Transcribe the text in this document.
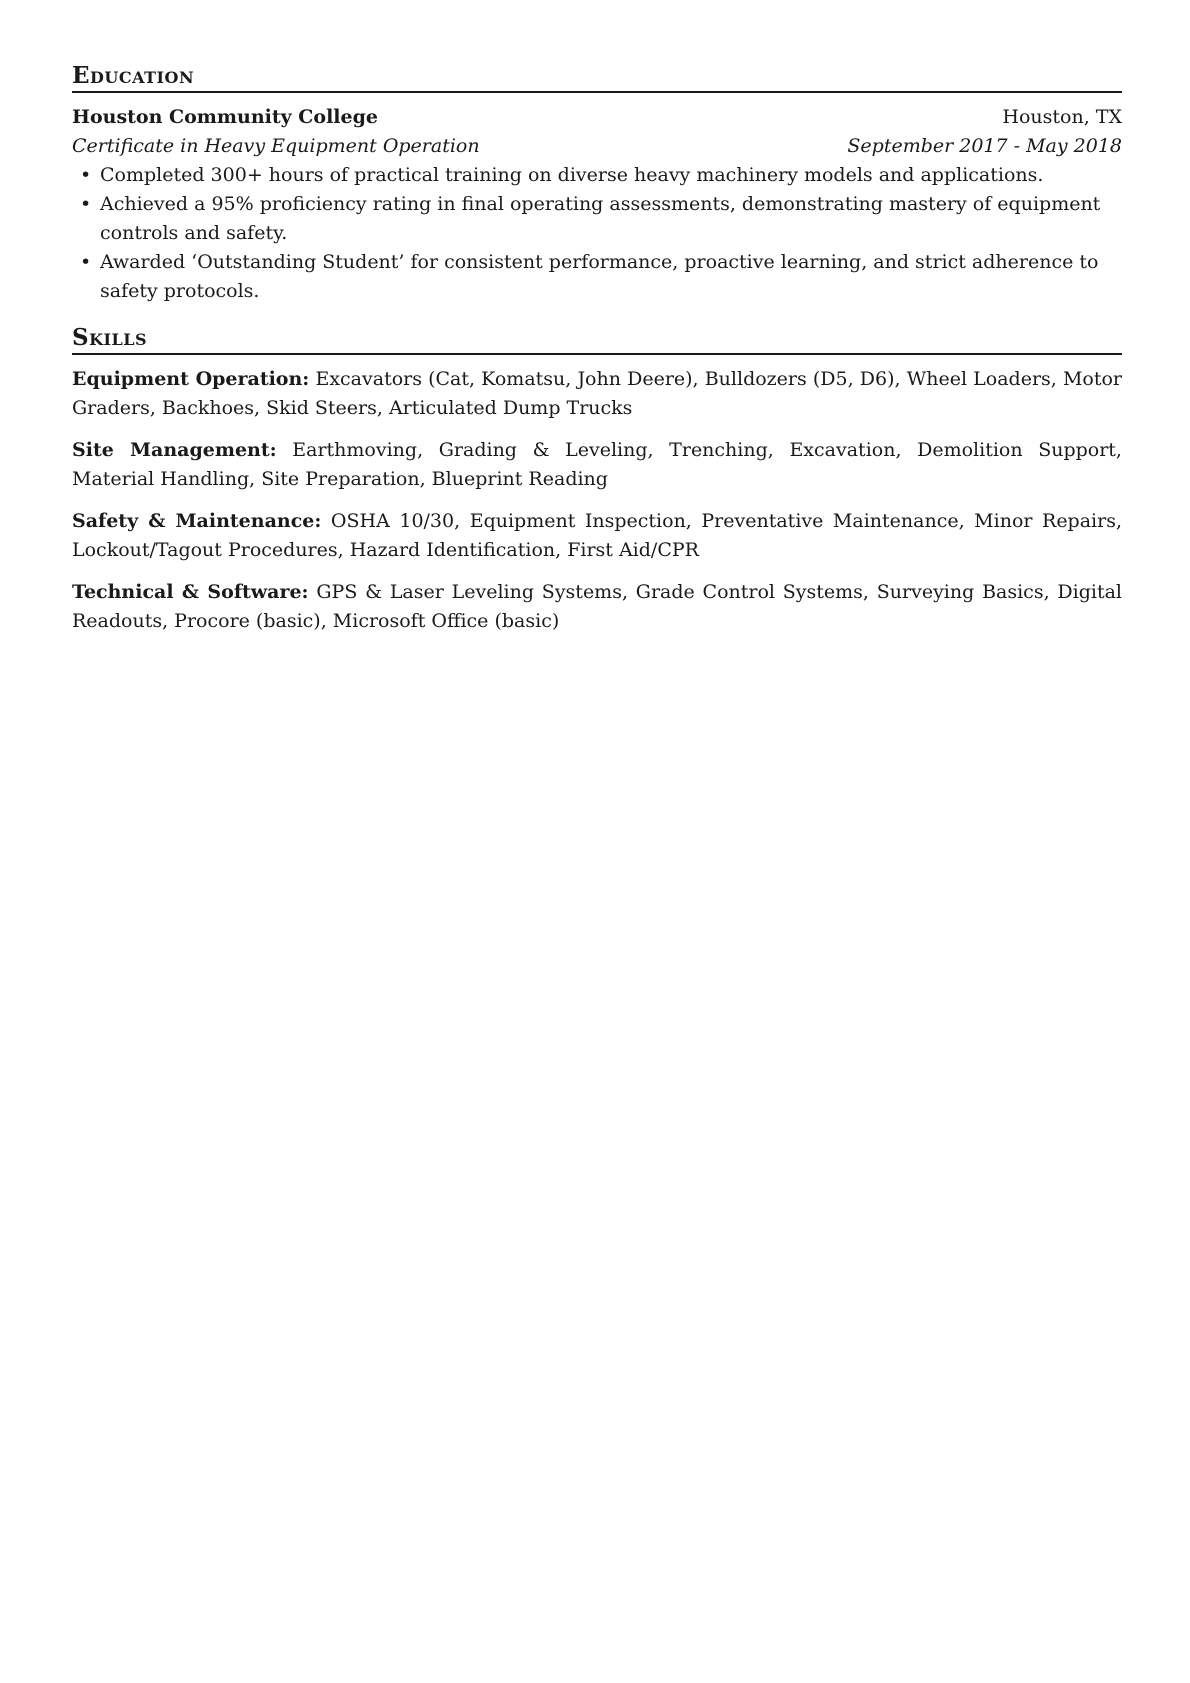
Education
Houston Community College	Houston, TX
Certificate in Heavy Equipment Operation	September 2017 - May 2018
• Completed 300+ hours of practical training on diverse heavy machinery models and applications.
• Achieved a 95% proficiency rating in final operating assessments, demonstrating mastery of equipment controls and safety.
• Awarded ‘Outstanding Student’ for consistent performance, proactive learning, and strict adherence to safety protocols.
Skills
Equipment Operation: Excavators (Cat, Komatsu, John Deere), Bulldozers (D5, D6), Wheel Loaders, Motor Graders, Backhoes, Skid Steers, Articulated Dump Trucks
Site Management: Earthmoving, Grading & Leveling, Trenching, Excavation, Demolition Support, Material Handling, Site Preparation, Blueprint Reading
Safety & Maintenance: OSHA 10/30, Equipment Inspection, Preventative Maintenance, Minor Repairs, Lockout/Tagout Procedures, Hazard Identification, First Aid/CPR
Technical & Software: GPS & Laser Leveling Systems, Grade Control Systems, Surveying Basics, Digital Readouts, Procore (basic), Microsoft Office (basic)
